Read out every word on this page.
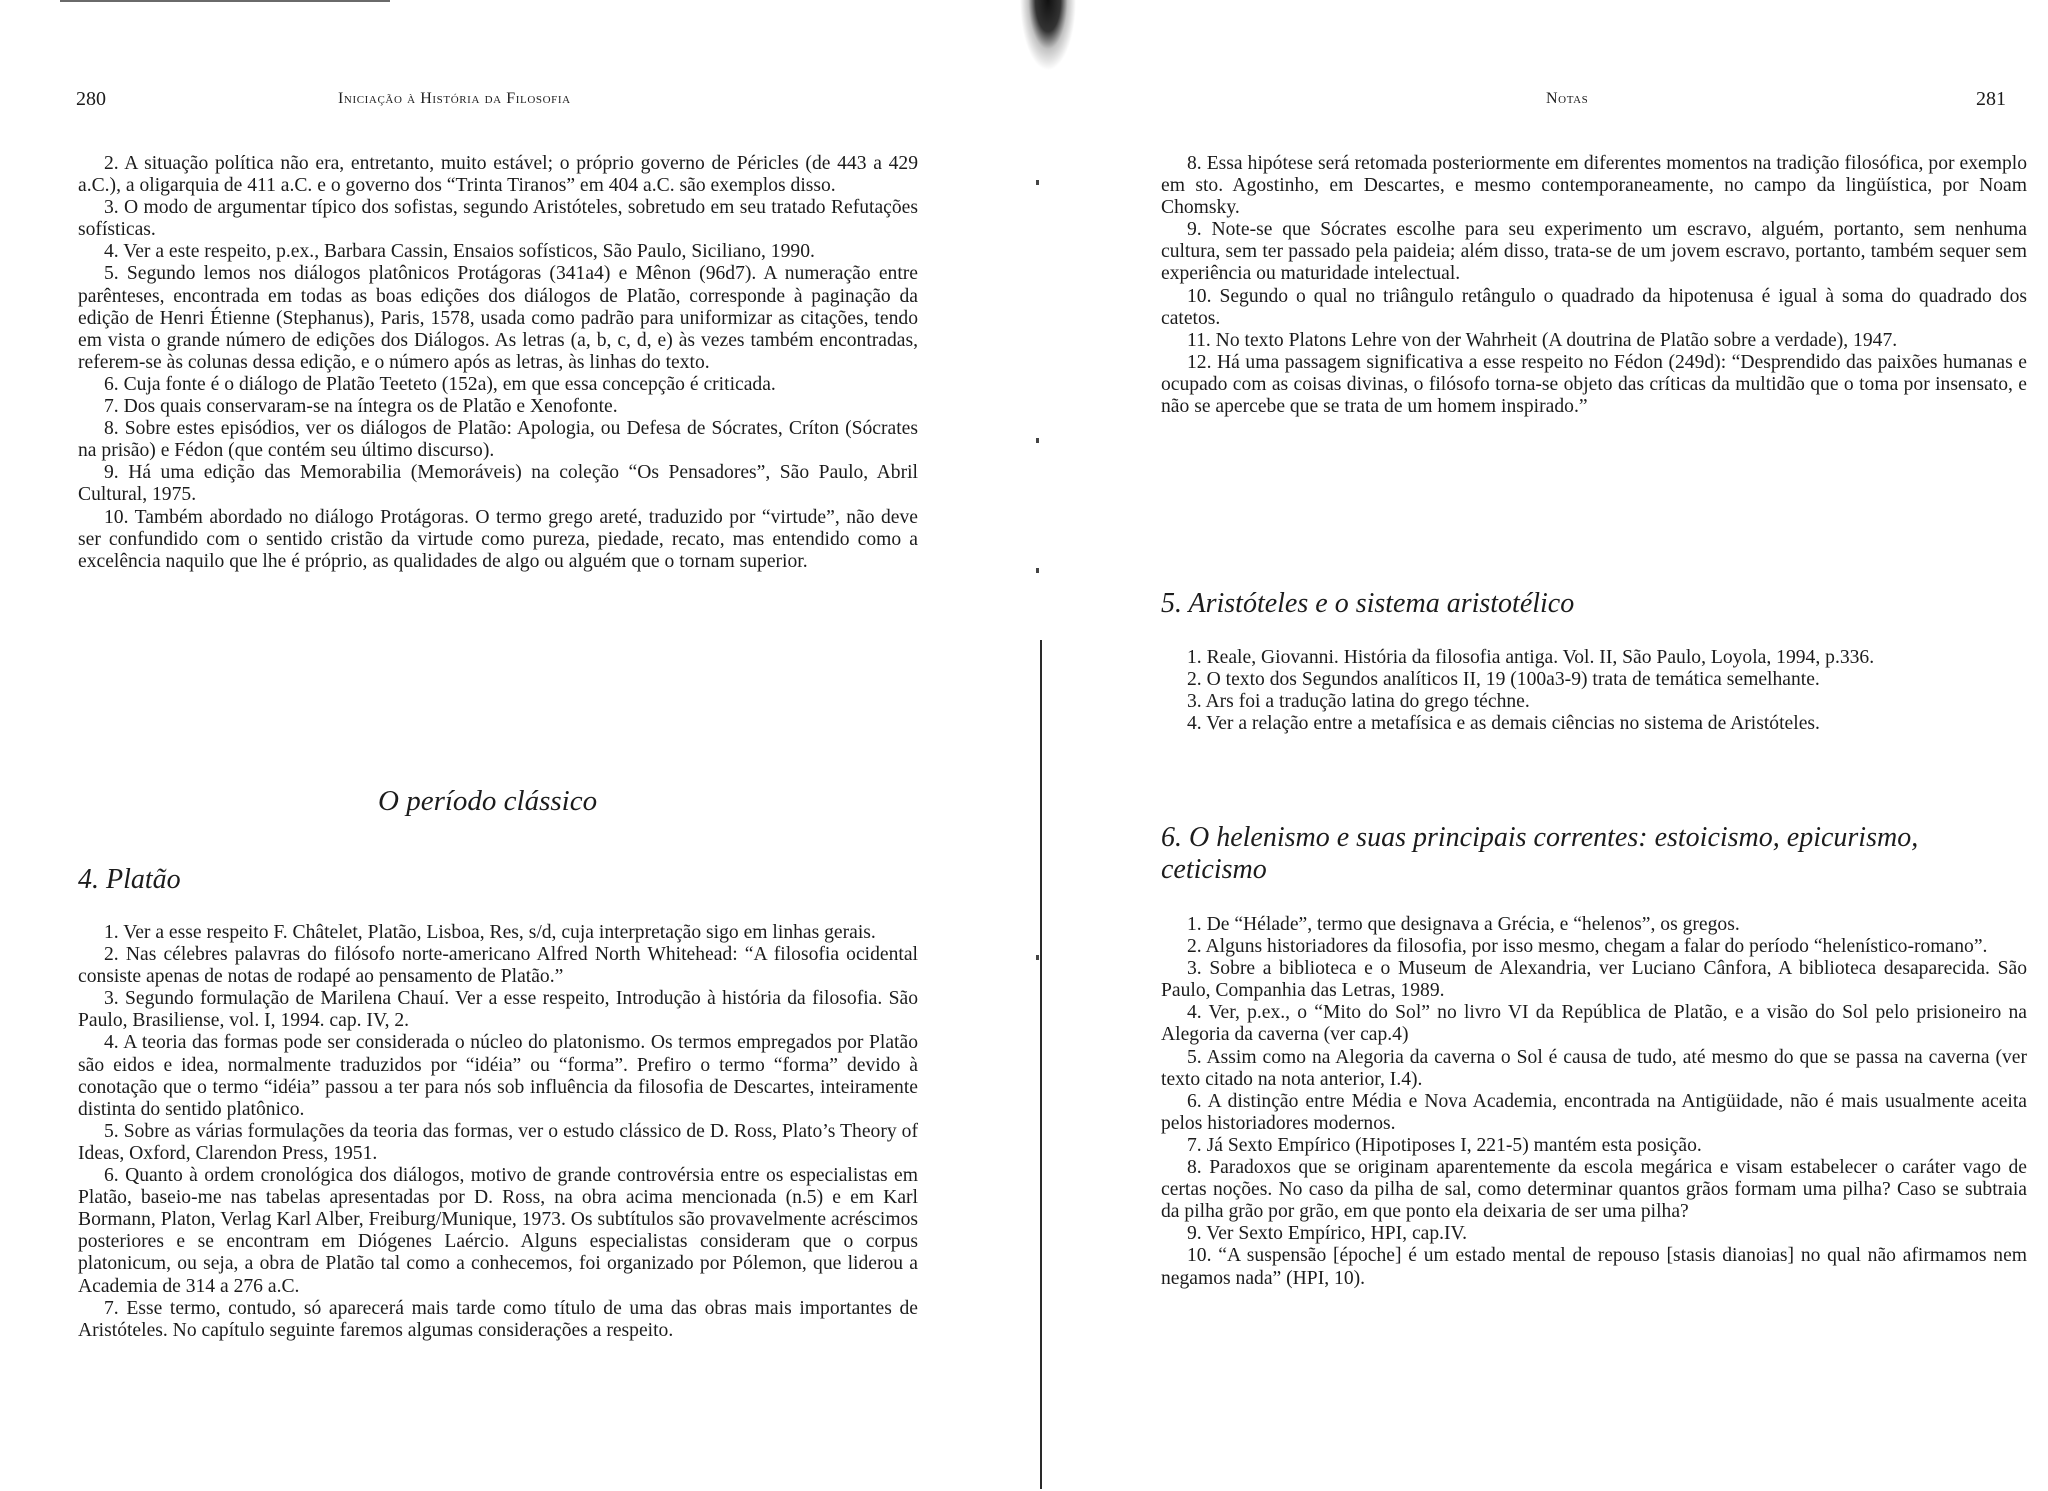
280	Iniciação à História da Filosofia

2. A situação política não era, entretanto, muito estável; o próprio governo de Péricles (de 443 a 429 a.C.), a oligarquia de 411 a.C. e o governo dos “Trinta Tiranos” em 404 a.C. são exemplos disso.

3. O modo de argumentar típico dos sofistas, segundo Aristóteles, sobretudo em seu tratado Refutações sofísticas.

4. Ver a este respeito, p.ex., Barbara Cassin, Ensaios sofísticos, São Paulo, Siciliano, 1990.

5. Segundo lemos nos diálogos platônicos Protágoras (341a4) e Mênon (96d7). A numeração entre parênteses, encontrada em todas as boas edições dos diálogos de Platão, corresponde à paginação da edição de Henri Étienne (Stephanus), Paris, 1578, usada como padrão para uniformizar as citações, tendo em vista o grande número de edições dos Diálogos. As letras (a, b, c, d, e) às vezes também encontradas, referem-se às colunas dessa edição, e o número após as letras, às linhas do texto.

6. Cuja fonte é o diálogo de Platão Teeteto (152a), em que essa concepção é criticada.

7. Dos quais conservaram-se na íntegra os de Platão e Xenofonte.

8. Sobre estes episódios, ver os diálogos de Platão: Apologia, ou Defesa de Sócrates, Críton (Sócrates na prisão) e Fédon (que contém seu último discurso).

9. Há uma edição das Memorabilia (Memoráveis) na coleção “Os Pensadores”, São Paulo, Abril Cultural, 1975.

10. Também abordado no diálogo Protágoras. O termo grego areté, traduzido por “virtude”, não deve ser confundido com o sentido cristão da virtude como pureza, piedade, recato, mas entendido como a excelência naquilo que lhe é próprio, as qualidades de algo ou alguém que o tornam superior.

O período clássico
4. Platão

1. Ver a esse respeito F. Châtelet, Platão, Lisboa, Res, s/d, cuja interpretação sigo em linhas gerais.

2. Nas célebres palavras do filósofo norte-americano Alfred North Whitehead: “A filosofia ocidental consiste apenas de notas de rodapé ao pensamento de Platão.”

3. Segundo formulação de Marilena Chauí. Ver a esse respeito, Introdução à história da filosofia. São Paulo, Brasiliense, vol. I, 1994. cap. IV, 2.

4. A teoria das formas pode ser considerada o núcleo do platonismo. Os termos empregados por Platão são eidos e idea, normalmente traduzidos por “idéia” ou “forma”. Prefiro o termo “forma” devido à conotação que o termo “idéia” passou a ter para nós sob influência da filosofia de Descartes, inteiramente distinta do sentido platônico.

5. Sobre as várias formulações da teoria das formas, ver o estudo clássico de D. Ross, Plato’s Theory of Ideas, Oxford, Clarendon Press, 1951.

6. Quanto à ordem cronológica dos diálogos, motivo de grande controvérsia entre os especialistas em Platão, baseio-me nas tabelas apresentadas por D. Ross, na obra acima mencionada (n.5) e em Karl Bormann, Platon, Verlag Karl Alber, Freiburg/Munique, 1973. Os subtítulos são provavelmente acréscimos posteriores e se encontram em Diógenes Laércio. Alguns especialistas consideram que o corpus platonicum, ou seja, a obra de Platão tal como a conhecemos, foi organizado por Pólemon, que liderou a Academia de 314 a 276 a.C.

7. Esse termo, contudo, só aparecerá mais tarde como título de uma das obras mais importantes de Aristóteles. No capítulo seguinte faremos algumas considerações a respeito.

Notas	281

8. Essa hipótese será retomada posteriormente em diferentes momentos na tradição filosófica, por exemplo em sto. Agostinho, em Descartes, e mesmo contemporaneamente, no campo da lingüística, por Noam Chomsky.

9. Note-se que Sócrates escolhe para seu experimento um escravo, alguém, portanto, sem nenhuma cultura, sem ter passado pela paideia; além disso, trata-se de um jovem escravo, portanto, também sequer sem experiência ou maturidade intelectual.

10. Segundo o qual no triângulo retângulo o quadrado da hipotenusa é igual à soma do quadrado dos catetos.

11. No texto Platons Lehre von der Wahrheit (A doutrina de Platão sobre a verdade), 1947.

12. Há uma passagem significativa a esse respeito no Fédon (249d): “Desprendido das paixões humanas e ocupado com as coisas divinas, o filósofo torna-se objeto das críticas da multidão que o toma por insensato, e não se apercebe que se trata de um homem inspirado.”

5. Aristóteles e o sistema aristotélico

1. Reale, Giovanni. História da filosofia antiga. Vol. II, São Paulo, Loyola, 1994, p.336.

2. O texto dos Segundos analíticos II, 19 (100a3-9) trata de temática semelhante.

3. Ars foi a tradução latina do grego téchne.

4. Ver a relação entre a metafísica e as demais ciências no sistema de Aristóteles.

6. O helenismo e suas principais correntes: estoicismo, epicurismo, ceticismo

1. De “Hélade”, termo que designava a Grécia, e “helenos”, os gregos.

2. Alguns historiadores da filosofia, por isso mesmo, chegam a falar do período “helenístico-romano”.

3. Sobre a biblioteca e o Museum de Alexandria, ver Luciano Cânfora, A biblioteca desaparecida. São Paulo, Companhia das Letras, 1989.

4. Ver, p.ex., o “Mito do Sol” no livro VI da República de Platão, e a visão do Sol pelo prisioneiro na Alegoria da caverna (ver cap.4)

5. Assim como na Alegoria da caverna o Sol é causa de tudo, até mesmo do que se passa na caverna (ver texto citado na nota anterior, I.4).

6. A distinção entre Média e Nova Academia, encontrada na Antigüidade, não é mais usualmente aceita pelos historiadores modernos.

7. Já Sexto Empírico (Hipotiposes I, 221-5) mantém esta posição.

8. Paradoxos que se originam aparentemente da escola megárica e visam estabelecer o caráter vago de certas noções. No caso da pilha de sal, como determinar quantos grãos formam uma pilha? Caso se subtraia da pilha grão por grão, em que ponto ela deixaria de ser uma pilha?

9. Ver Sexto Empírico, HPI, cap.IV.

10. “A suspensão [époche] é um estado mental de repouso [stasis dianoias] no qual não afirmamos nem negamos nada” (HPI, 10).
